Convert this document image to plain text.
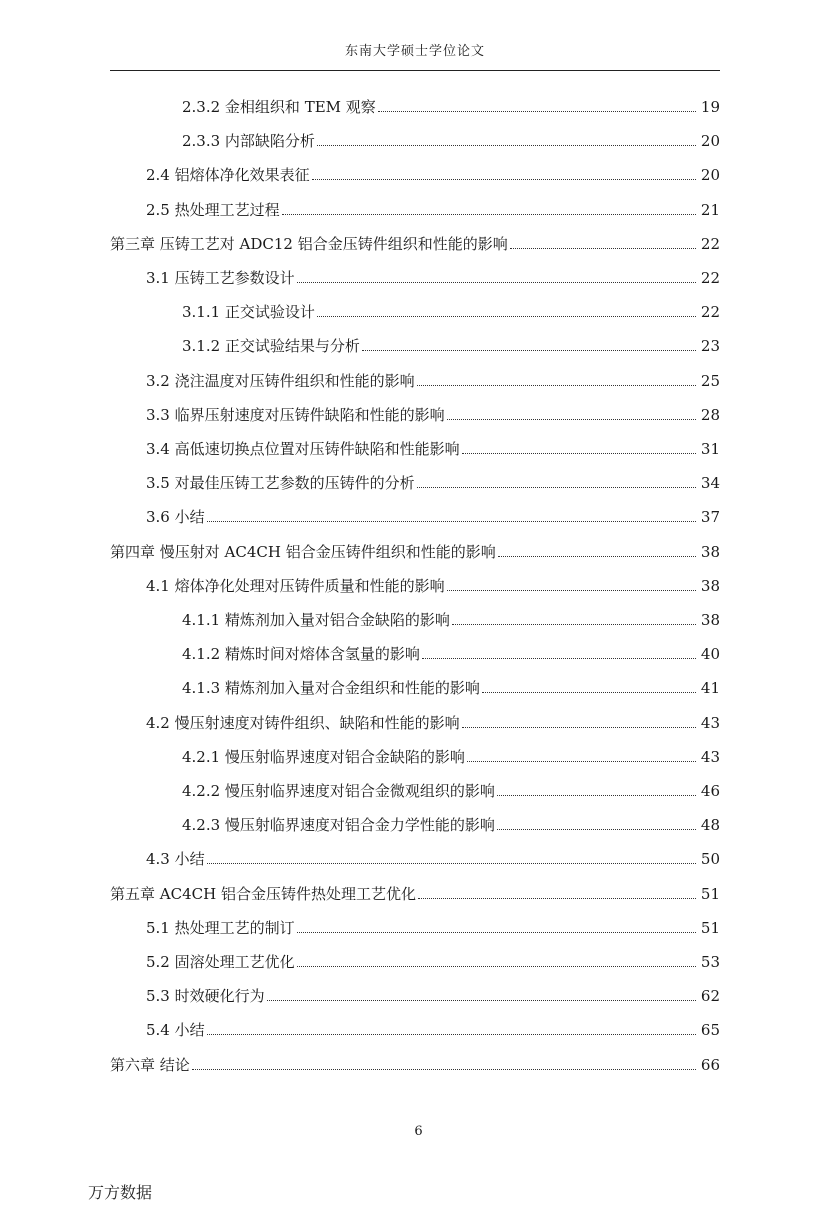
东南大学硕士学位论文
2.3.2 金相组织和 TEM 观察	19
2.3.3 内部缺陷分析	20
2.4 铝熔体净化效果表征	20
2.5 热处理工艺过程	21
第三章 压铸工艺对 ADC12 铝合金压铸件组织和性能的影响	22
3.1 压铸工艺参数设计	22
3.1.1 正交试验设计	22
3.1.2 正交试验结果与分析	23
3.2 浇注温度对压铸件组织和性能的影响	25
3.3 临界压射速度对压铸件缺陷和性能的影响	28
3.4 高低速切换点位置对压铸件缺陷和性能影响	31
3.5 对最佳压铸工艺参数的压铸件的分析	34
3.6 小结	37
第四章 慢压射对 AC4CH 铝合金压铸件组织和性能的影响	38
4.1 熔体净化处理对压铸件质量和性能的影响	38
4.1.1 精炼剂加入量对铝合金缺陷的影响	38
4.1.2 精炼时间对熔体含氢量的影响	40
4.1.3 精炼剂加入量对合金组织和性能的影响	41
4.2 慢压射速度对铸件组织、缺陷和性能的影响	43
4.2.1 慢压射临界速度对铝合金缺陷的影响	43
4.2.2 慢压射临界速度对铝合金微观组织的影响	46
4.2.3 慢压射临界速度对铝合金力学性能的影响	48
4.3 小结	50
第五章 AC4CH 铝合金压铸件热处理工艺优化	51
5.1 热处理工艺的制订	51
5.2 固溶处理工艺优化	53
5.3 时效硬化行为	62
5.4 小结	65
第六章 结论	66
6
万方数据
